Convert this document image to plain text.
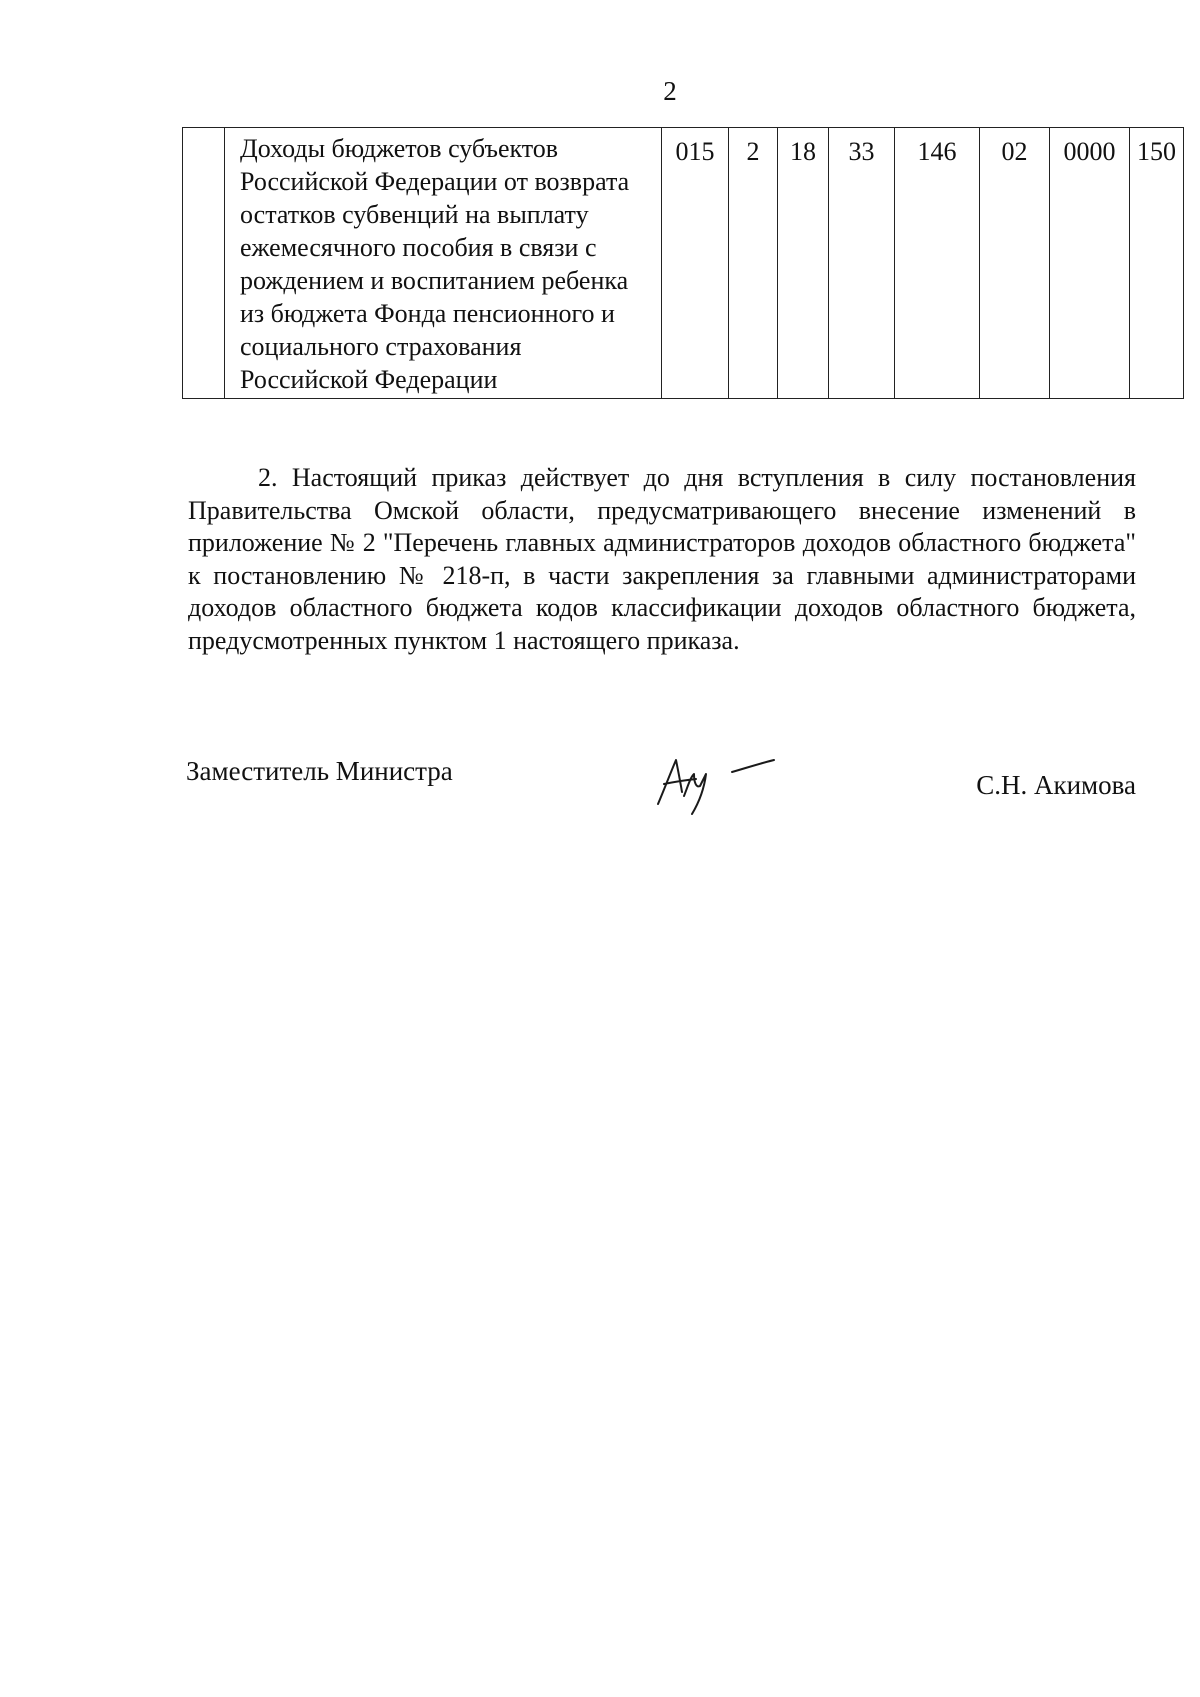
2
	Доходы бюджетов субъектов Российской Федерации от возврата остатков субвенций на выплату ежемесячного пособия в связи с рождением и воспитанием ребенка из бюджета Фонда пенсионного и социального страхования Российской Федерации	015	2	18	33	146	02	0000	150

2. Настоящий приказ действует до дня вступления в силу постановления Правительства Омской области, предусматривающего внесение изменений в приложение № 2 "Перечень главных администраторов доходов областного бюджета" к постановлению № 218-п, в части закрепления за главными администраторами доходов областного бюджета кодов классификации доходов областного бюджета, предусмотренных пунктом 1 настоящего приказа.

Заместитель Министра	С.Н. Акимова
